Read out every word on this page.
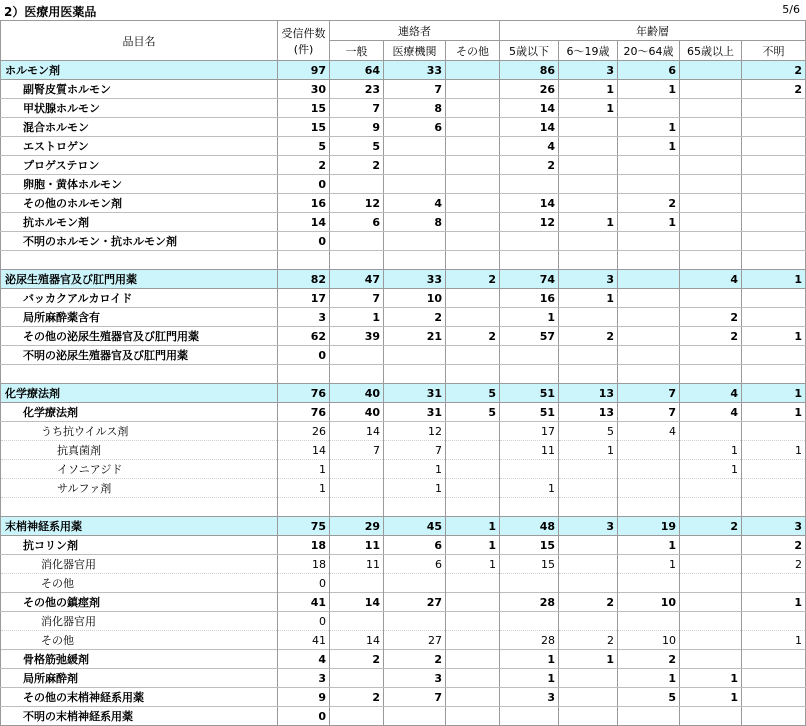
2）医療用医薬品	5/6
品目名	受信件数
(件)	連絡者			年齢層				
		一般	医療機関	その他	5歳以下	6～19歳	20～64歳	65歳以上	不明
ホルモン剤	97	64	33		86	3	6		2
副腎皮質ホルモン	30	23	7		26	1	1		2
甲状腺ホルモン	15	7	8		14	1			
混合ホルモン	15	9	6		14		1		
エストロゲン	5	5			4		1		
プロゲステロン	2	2			2				
卵胞・黄体ホルモン	0								
その他のホルモン剤	16	12	4		14		2		
抗ホルモン剤	14	6	8		12	1	1		
不明のホルモン・抗ホルモン剤	0								

泌尿生殖器官及び肛門用薬	82	47	33	2	74	3		4	1
バッカクアルカロイド	17	7	10		16	1			
局所麻酔薬含有	3	1	2		1			2	
その他の泌尿生殖器官及び肛門用薬	62	39	21	2	57	2		2	1
不明の泌尿生殖器官及び肛門用薬	0								

化学療法剤	76	40	31	5	51	13	7	4	1
化学療法剤	76	40	31	5	51	13	7	4	1
うち抗ウイルス剤	26	14	12		17	5	4		
抗真菌剤	14	7	7		11	1		1	1
イソニアジド	1		1					1	
サルファ剤	1		1		1				

末梢神経系用薬	75	29	45	1	48	3	19	2	3
抗コリン剤	18	11	6	1	15		1		2
消化器官用	18	11	6	1	15		1		2
その他	0								
その他の鎮痙剤	41	14	27		28	2	10		1
消化器官用	0								
その他	41	14	27		28	2	10		1
骨格筋弛緩剤	4	2	2		1	1	2		
局所麻酔剤	3		3		1		1	1	
その他の末梢神経系用薬	9	2	7		3		5	1	
不明の末梢神経系用薬	0								
